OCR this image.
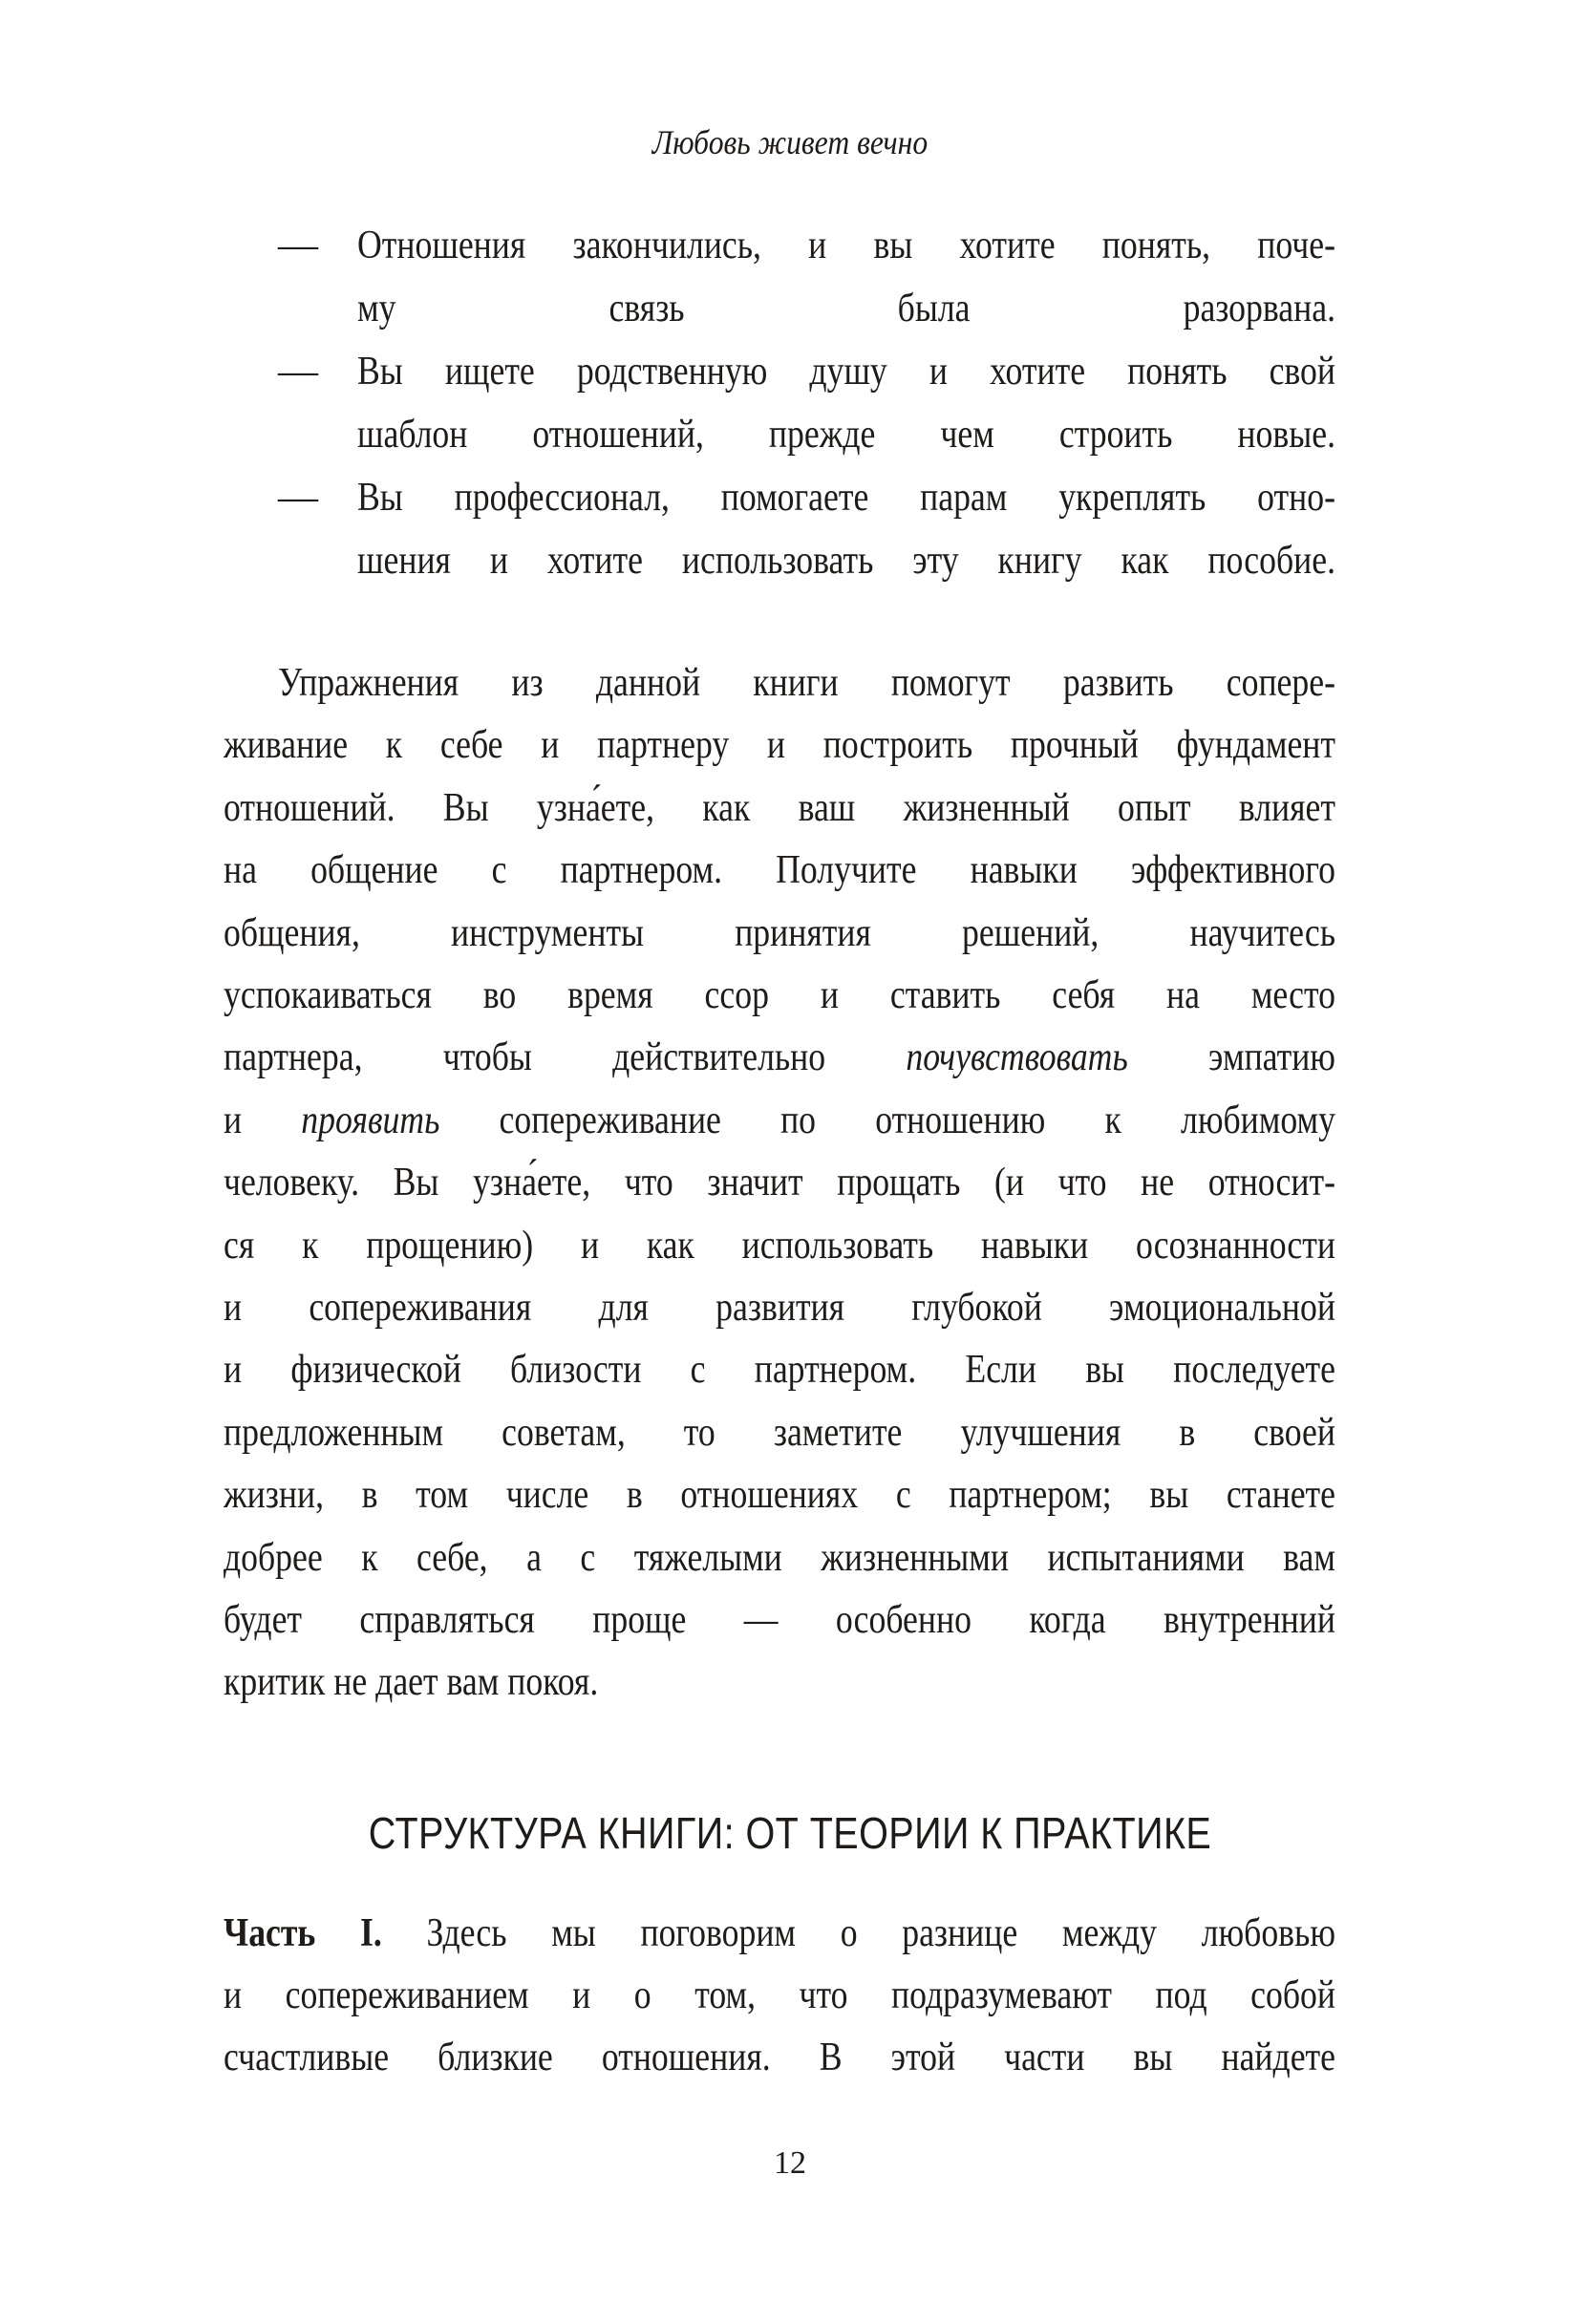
Любовь живет вечно
— Отношения закончились, и вы хотите понять, поче-
му связь была разорвана.
— Вы ищете родственную душу и хотите понять свой
шаблон отношений, прежде чем строить новые.
— Вы профессионал, помогаете парам укреплять отно-
шения и хотите использовать эту книгу как пособие.
Упражнения из данной книги помогут развить сопере-
живание к себе и партнеру и построить прочный фундамент
отношений. Вы узна́ете, как ваш жизненный опыт влияет
на общение с партнером. Получите навыки эффективного
общения, инструменты принятия решений, научитесь
успокаиваться во время ссор и ставить себя на место
партнера, чтобы действительно почувствовать эмпатию
и проявить сопереживание по отношению к любимому
человеку. Вы узна́ете, что значит прощать (и что не относит-
ся к прощению) и как использовать навыки осознанности
и сопереживания для развития глубокой эмоциональной
и физической близости с партнером. Если вы последуете
предложенным советам, то заметите улучшения в своей
жизни, в том числе в отношениях с партнером; вы станете
добрее к себе, а с тяжелыми жизненными испытаниями вам
будет справляться проще — особенно когда внутренний
критик не дает вам покоя.
Часть I. Здесь мы поговорим о разнице между любовью
и сопереживанием и о том, что подразумевают под собой
счастливые близкие отношения. В этой части вы найдете
СТРУКТУРА КНИГИ: ОТ ТЕОРИИ К ПРАКТИКЕ
12
